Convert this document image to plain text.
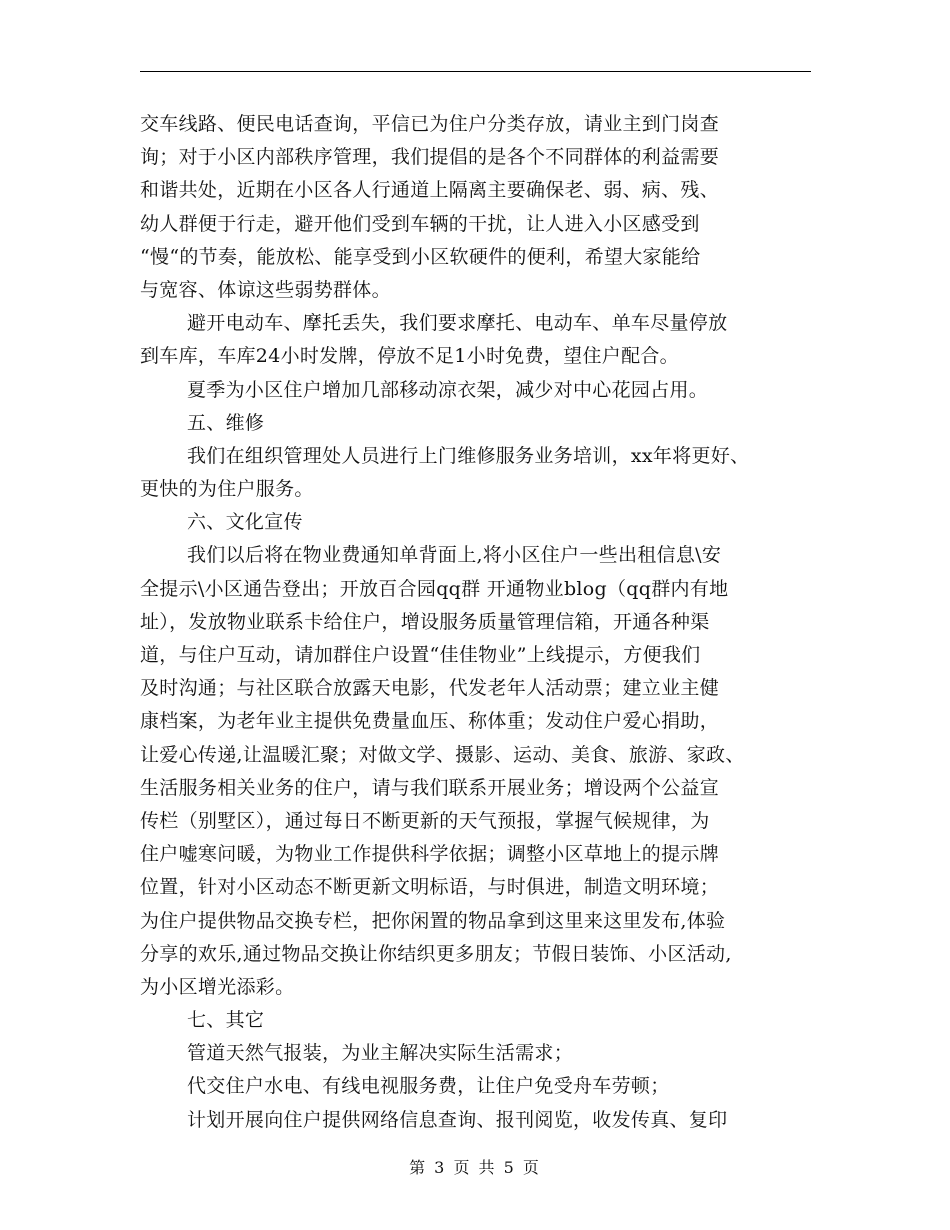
交车线路、便民电话查询，平信已为住户分类存放，请业主到门岗查
询；对于小区内部秩序管理，我们提倡的是各个不同群体的利益需要
和谐共处，近期在小区各人行通道上隔离主要确保老、弱、病、残、
幼人群便于行走，避开他们受到车辆的干扰，让人进入小区感受到
“慢“的节奏，能放松、能享受到小区软硬件的便利，希望大家能给
与宽容、体谅这些弱势群体。
避开电动车、摩托丢失，我们要求摩托、电动车、单车尽量停放
到车库，车库24小时发牌，停放不足1小时免费，望住户配合。
夏季为小区住户增加几部移动凉衣架，减少对中心花园占用。
五、维修
我们在组织管理处人员进行上门维修服务业务培训，xx年将更好、
更快的为住户服务。
六、文化宣传
我们以后将在物业费通知单背面上,将小区住户一些出租信息\安
全提示\小区通告登出；开放百合园qq群 开通物业blog（qq群内有地
址），发放物业联系卡给住户，增设服务质量管理信箱，开通各种渠
道，与住户互动，请加群住户设置“佳佳物业”上线提示，方便我们
及时沟通；与社区联合放露天电影，代发老年人活动票；建立业主健
康档案，为老年业主提供免费量血压、称体重；发动住户爱心捐助，
让爱心传递,让温暖汇聚；对做文学、摄影、运动、美食、旅游、家政、
生活服务相关业务的住户，请与我们联系开展业务；增设两个公益宣
传栏（别墅区），通过每日不断更新的天气预报，掌握气候规律，为
住户嘘寒问暖，为物业工作提供科学依据；调整小区草地上的提示牌
位置，针对小区动态不断更新文明标语，与时俱进，制造文明环境；
为住户提供物品交换专栏，把你闲置的物品拿到这里来这里发布,体验
分享的欢乐,通过物品交换让你结织更多朋友；节假日装饰、小区活动,
为小区增光添彩。
七、其它
管道天然气报装，为业主解决实际生活需求；
代交住户水电、有线电视服务费，让住户免受舟车劳顿；
计划开展向住户提供网络信息查询、报刊阅览，收发传真、复印
第 3 页 共 5 页
